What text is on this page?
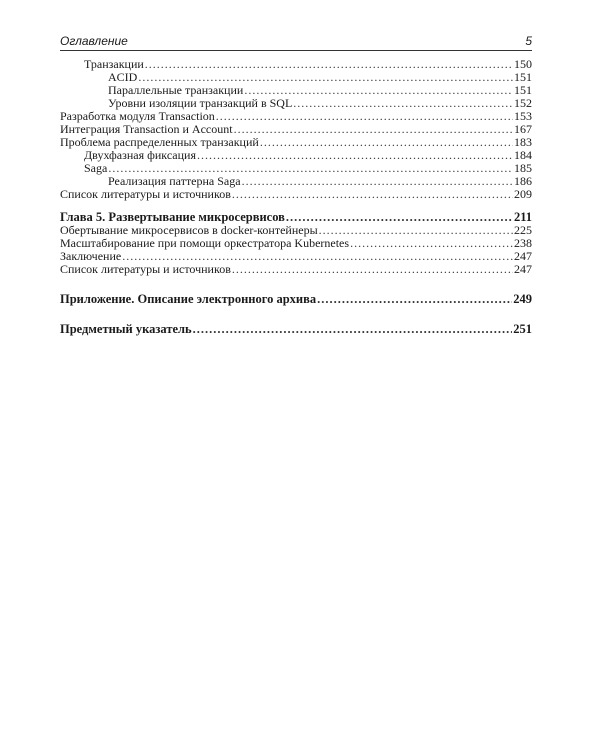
Оглавление	5
Транзакции .....	150
ACID .....	151
Параллельные транзакции .....	151
Уровни изоляции транзакций в SQL .....	152
Разработка модуля Transaction .....	153
Интеграция Transaction и Account .....	167
Проблема распределенных транзакций .....	183
Двухфазная фиксация .....	184
Saga .....	185
Реализация паттерна Saga .....	186
Список литературы и источников .....	209
Глава 5. Развертывание микросервисов .....	211
Обертывание микросервисов в docker-контейнеры .....	225
Масштабирование при помощи оркестратора Kubernetes .....	238
Заключение .....	247
Список литературы и источников .....	247
Приложение. Описание электронного архива .....	249
Предметный указатель .....	251
